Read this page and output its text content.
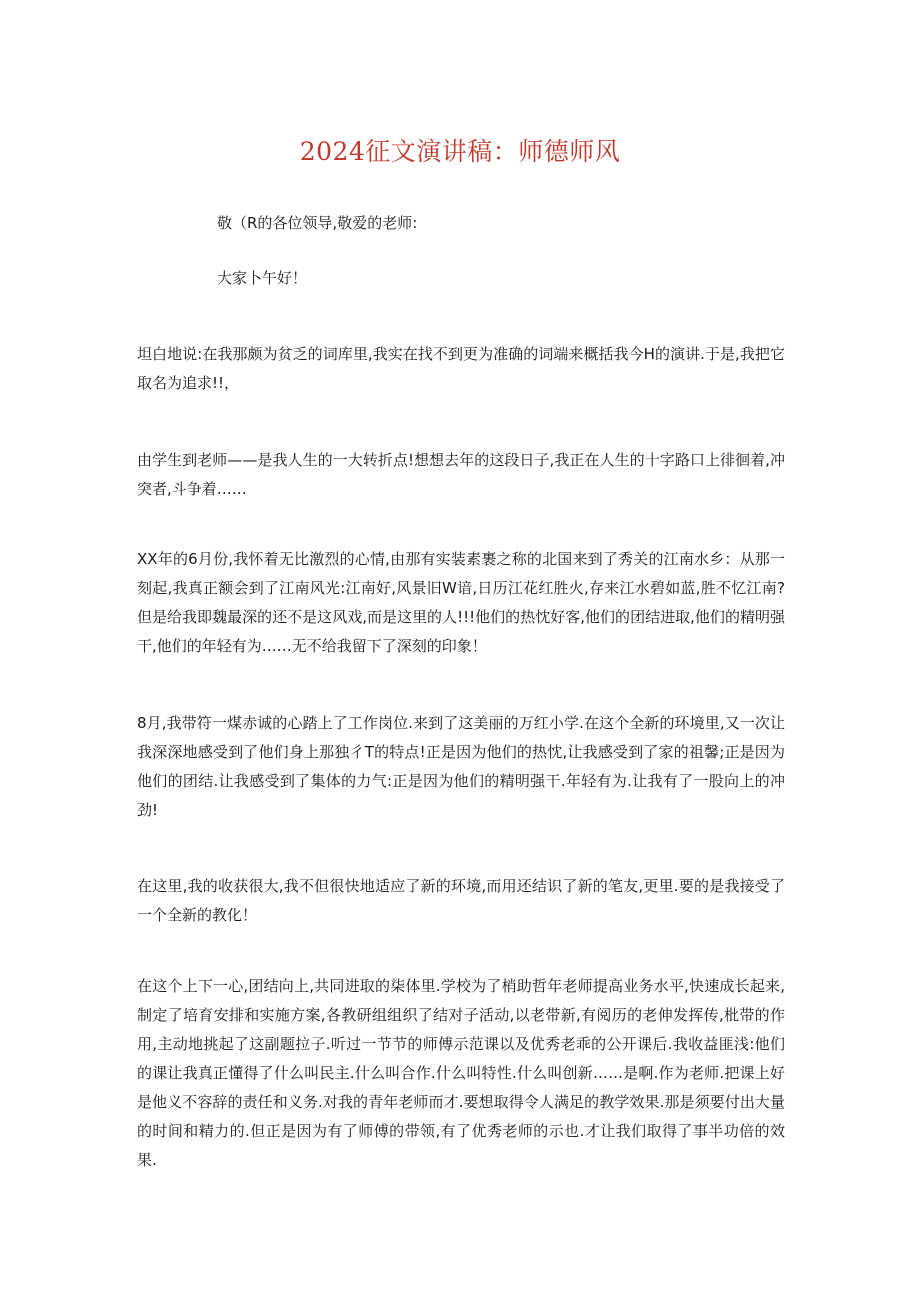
2024征文演讲稿：师德师风
敬（R的各位领导,敬爱的老师:
大家卜午好！
坦白地说:在我那颇为贫乏的词库里,我实在找不到更为准确的词端来概括我今H的演讲.于是,我把它取名为追求!!，
由学生到老师——是我人生的一大转折点!想想去年的这段日子,我正在人生的十字路口上徘徊着,冲突者,斗争着……
XX年的6月份,我怀着无比激烈的心情,由那有实装素裹之称的北国来到了秀关的江南水乡：从那一刻起,我真正额会到了江南风光:江南好,风景旧W谙,日历江花红胜火,存来江水碧如蓝,胜不忆江南?但是给我即魏最深的还不是这风戏,而是这里的人!!!他们的热忱好客,他们的团结进取,他们的精明强干,他们的年轻有为……无不给我留下了深刻的印象！
8月,我带符一煤赤诚的心踏上了工作岗位.来到了这美丽的万红小学.在这个全新的环境里,又一次让我深深地感受到了他们身上那独彳T的特点!正是因为他们的热忱,让我感受到了家的祖馨;正是因为他们的团结.让我感受到了集体的力气:正是因为他们的精明强干.年轻有为.让我有了一股向上的冲劲!
在这里,我的收获很大,我不但很快地适应了新的环境,而用还结识了新的笔友,更里.要的是我接受了一个全新的教化！
在这个上下一心,团结向上,共同进取的柒体里.学校为了梢助哲年老师提高业务水平,快速成长起来,制定了培育安排和实施方案,各教研组组织了结对子活动,以老带新,有阅历的老伸发挥传,枇带的作用,主动地挑起了这副题拉子.听过一节节的师傅示范课以及优秀老乖的公开课后.我收益匪浅:他们的课让我真正懂得了什么叫民主.什么叫合作.什么叫特性.什么叫创新……是啊.作为老师.把课上好是他义不容辞的责任和义务.对我的青年老师而才.要想取得令人满足的教学效果.那是须要付出大量的时间和精力的.但正是因为有了师傅的带领,有了优秀老师的示也.才让我们取得了事半功倍的效果.
